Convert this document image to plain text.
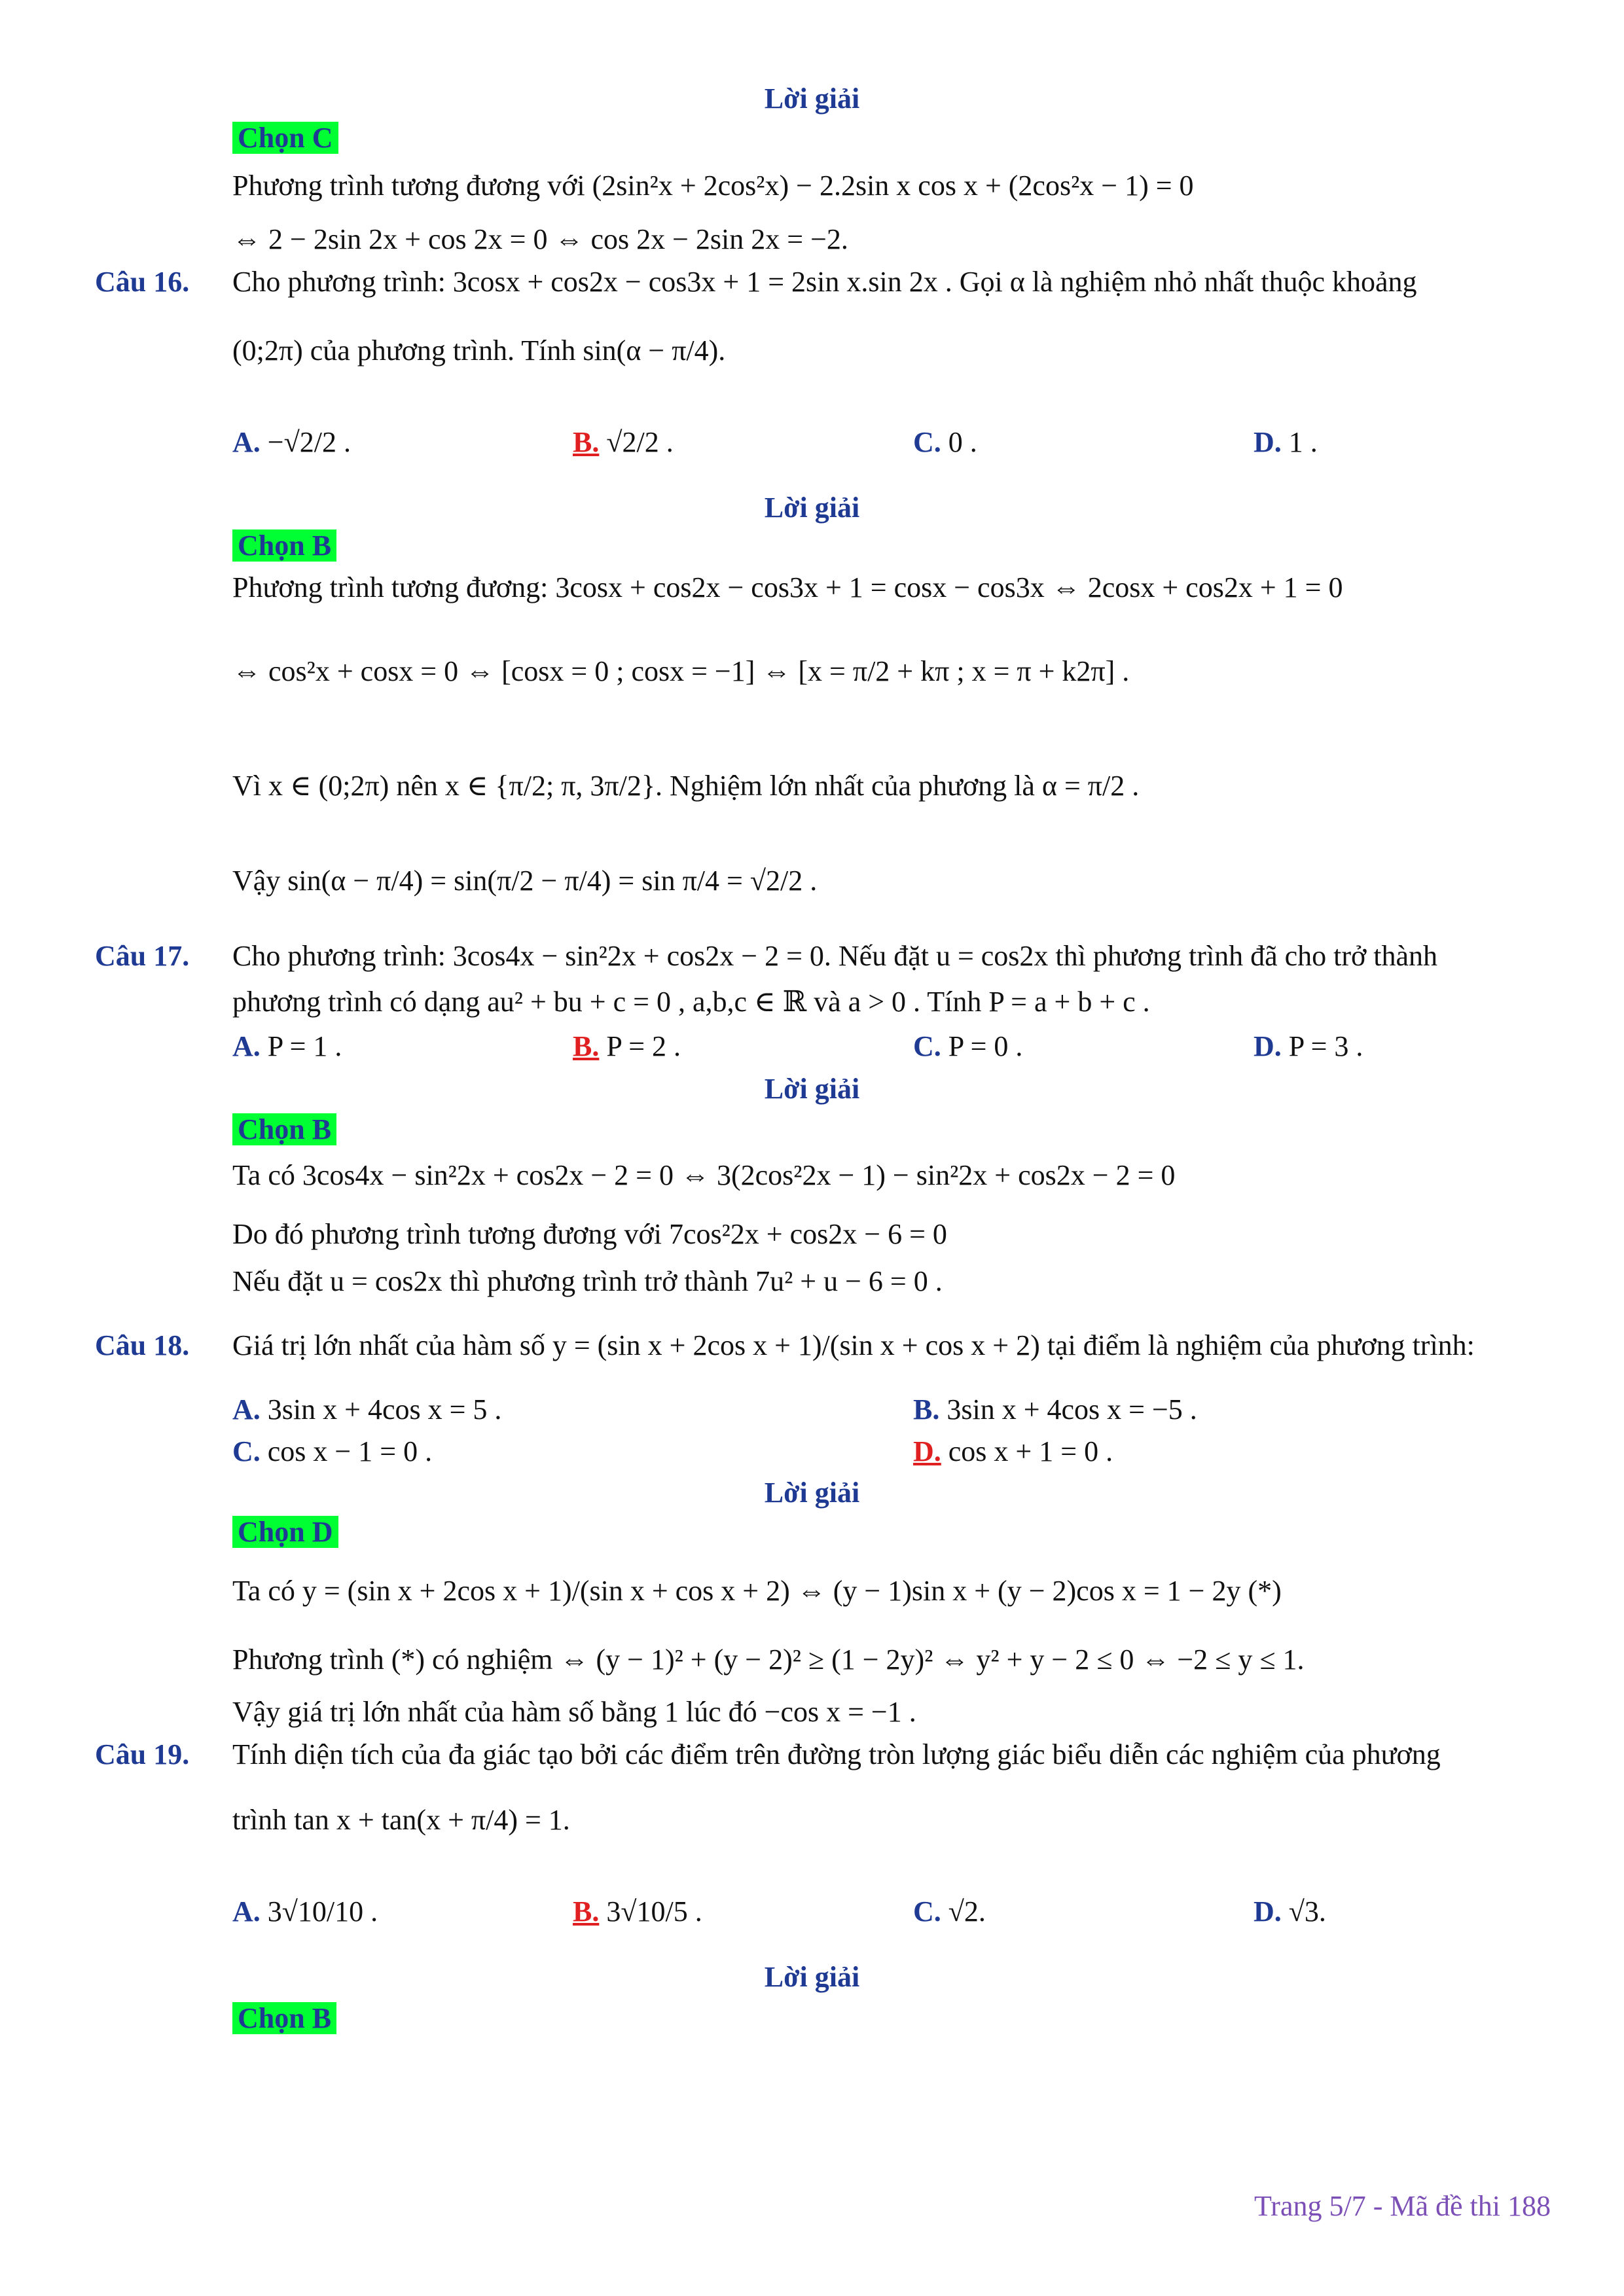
Lời giải
Chọn C
Phương trình tương đương với (2sin²x + 2cos²x) − 2.2sin x cos x + (2cos²x − 1) = 0
⇔ 2 − 2sin 2x + cos 2x = 0 ⇔ cos 2x − 2sin 2x = −2.
Câu 16. Cho phương trình: 3cosx + cos2x − cos3x + 1 = 2sin x.sin 2x . Gọi α là nghiệm nhỏ nhất thuộc khoảng
(0;2π) của phương trình. Tính sin(α − π/4).
A. −√2/2 .	B. √2/2 .	C. 0 .	D. 1 .
Lời giải
Chọn B
Phương trình tương đương: 3cosx + cos2x − cos3x + 1 = cosx − cos3x ⇔ 2cosx + cos2x + 1 = 0
⇔ cos²x + cosx = 0 ⇔ [cosx = 0 ; cosx = −1] ⇔ [x = π/2 + kπ ; x = π + k2π] .
Vì x ∈ (0;2π) nên x ∈ {π/2; π, 3π/2}. Nghiệm lớn nhất của phương là α = π/2 .
Vậy sin(α − π/4) = sin(π/2 − π/4) = sin π/4 = √2/2 .
Câu 17. Cho phương trình: 3cos4x − sin²2x + cos2x − 2 = 0. Nếu đặt u = cos2x thì phương trình đã cho trở thành
phương trình có dạng au² + bu + c = 0 , a,b,c ∈ ℝ và a > 0 . Tính P = a + b + c .
A. P = 1 .	B. P = 2 .	C. P = 0 .	D. P = 3 .
Lời giải
Chọn B
Ta có 3cos4x − sin²2x + cos2x − 2 = 0 ⇔ 3(2cos²2x − 1) − sin²2x + cos2x − 2 = 0
Do đó phương trình tương đương với 7cos²2x + cos2x − 6 = 0
Nếu đặt u = cos2x thì phương trình trở thành 7u² + u − 6 = 0 .
Câu 18. Giá trị lớn nhất của hàm số y = (sin x + 2cos x + 1)/(sin x + cos x + 2) tại điểm là nghiệm của phương trình:
A. 3sin x + 4cos x = 5 .	B. 3sin x + 4cos x = −5 .
C. cos x − 1 = 0 .	D. cos x + 1 = 0 .
Lời giải
Chọn D
Ta có y = (sin x + 2cos x + 1)/(sin x + cos x + 2) ⇔ (y − 1)sin x + (y − 2)cos x = 1 − 2y (*)
Phương trình (*) có nghiệm ⇔ (y − 1)² + (y − 2)² ≥ (1 − 2y)² ⇔ y² + y − 2 ≤ 0 ⇔ −2 ≤ y ≤ 1.
Vậy giá trị lớn nhất của hàm số bằng 1 lúc đó −cos x = −1 .
Câu 19. Tính diện tích của đa giác tạo bởi các điểm trên đường tròn lượng giác biểu diễn các nghiệm của phương
trình tan x + tan(x + π/4) = 1.
A. 3√10/10 .	B. 3√10/5 .	C. √2.	D. √3.
Lời giải
Chọn B
Trang 5/7 - Mã đề thi 188
